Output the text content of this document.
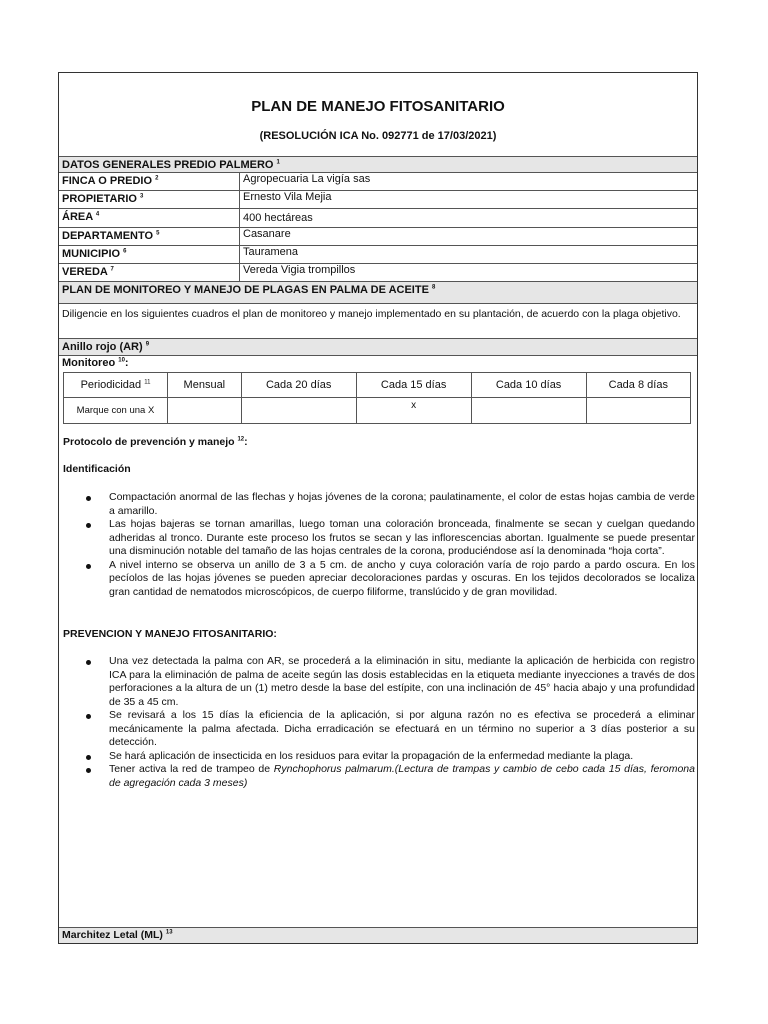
PLAN DE MANEJO FITOSANITARIO
(RESOLUCIÓN ICA No. 092771 de 17/03/2021)
DATOS GENERALES PREDIO PALMERO $^1$
FINCA O PREDIO $^2$	Agropecuaria La vigía sas
PROPIETARIO $^3$	Ernesto Vila Mejia
ÁREA $^4$	400 hectáreas
DEPARTAMENTO $^5$	Casanare
MUNICIPIO $^6$	Tauramena
VEREDA $^7$	Vereda Vigia trompillos
PLAN DE MONITOREO Y MANEJO DE PLAGAS EN PALMA DE ACEITE $^8$
Diligencie en los siguientes cuadros el plan de monitoreo y manejo implementado en su plantación, de acuerdo con la plaga objetivo.
Anillo rojo (AR) $^9$
Monitoreo $^{10}$:
Periodicidad $^{11}$	Mensual	Cada 20 días	Cada 15 días	Cada 10 días	Cada 8 días
Marque con una X			x		
Protocolo de prevención y manejo $^{12}$:
Identificación
Compactación anormal de las flechas y hojas jóvenes de la corona; paulatinamente, el color de estas hojas cambia de verde a amarillo.
Las hojas bajeras se tornan amarillas, luego toman una coloración bronceada, finalmente se secan y cuelgan quedando adheridas al tronco. Durante este proceso los frutos se secan y las inflorescencias abortan. Igualmente se puede presentar una disminución notable del tamaño de las hojas centrales de la corona, produciéndose así la denominada “hoja corta”.
A nivel interno se observa un anillo de 3 a 5 cm. de ancho y cuya coloración varía de rojo pardo a pardo oscura. En los pecíolos de las hojas jóvenes se pueden apreciar decoloraciones pardas y oscuras. En los tejidos decolorados se localiza gran cantidad de nematodos microscópicos, de cuerpo filiforme, translúcido y de gran movilidad.
PREVENCION Y MANEJO FITOSANITARIO:
Una vez detectada la palma con AR, se procederá a la eliminación in situ, mediante la aplicación de herbicida con registro ICA para la eliminación de palma de aceite según las dosis establecidas en la etiqueta mediante inyecciones a través de dos perforaciones a la altura de un (1) metro desde la base del estípite, con una inclinación de 45° hacia abajo y una profundidad de 35 a 45 cm.
Se revisará a los 15 días la eficiencia de la aplicación, si por alguna razón no es efectiva se procederá a eliminar mecánicamente la palma afectada. Dicha erradicación se efectuará en un término no superior a 3 días posterior a su detección.
Se hará aplicación de insecticida en los residuos para evitar la propagación de la enfermedad mediante la plaga.
Tener activa la red de trampeo de Rynchophorus palmarum.(Lectura de trampas y cambio de cebo cada 15 días, feromona de agregación cada 3 meses)
Marchitez Letal (ML) $^{13}$
